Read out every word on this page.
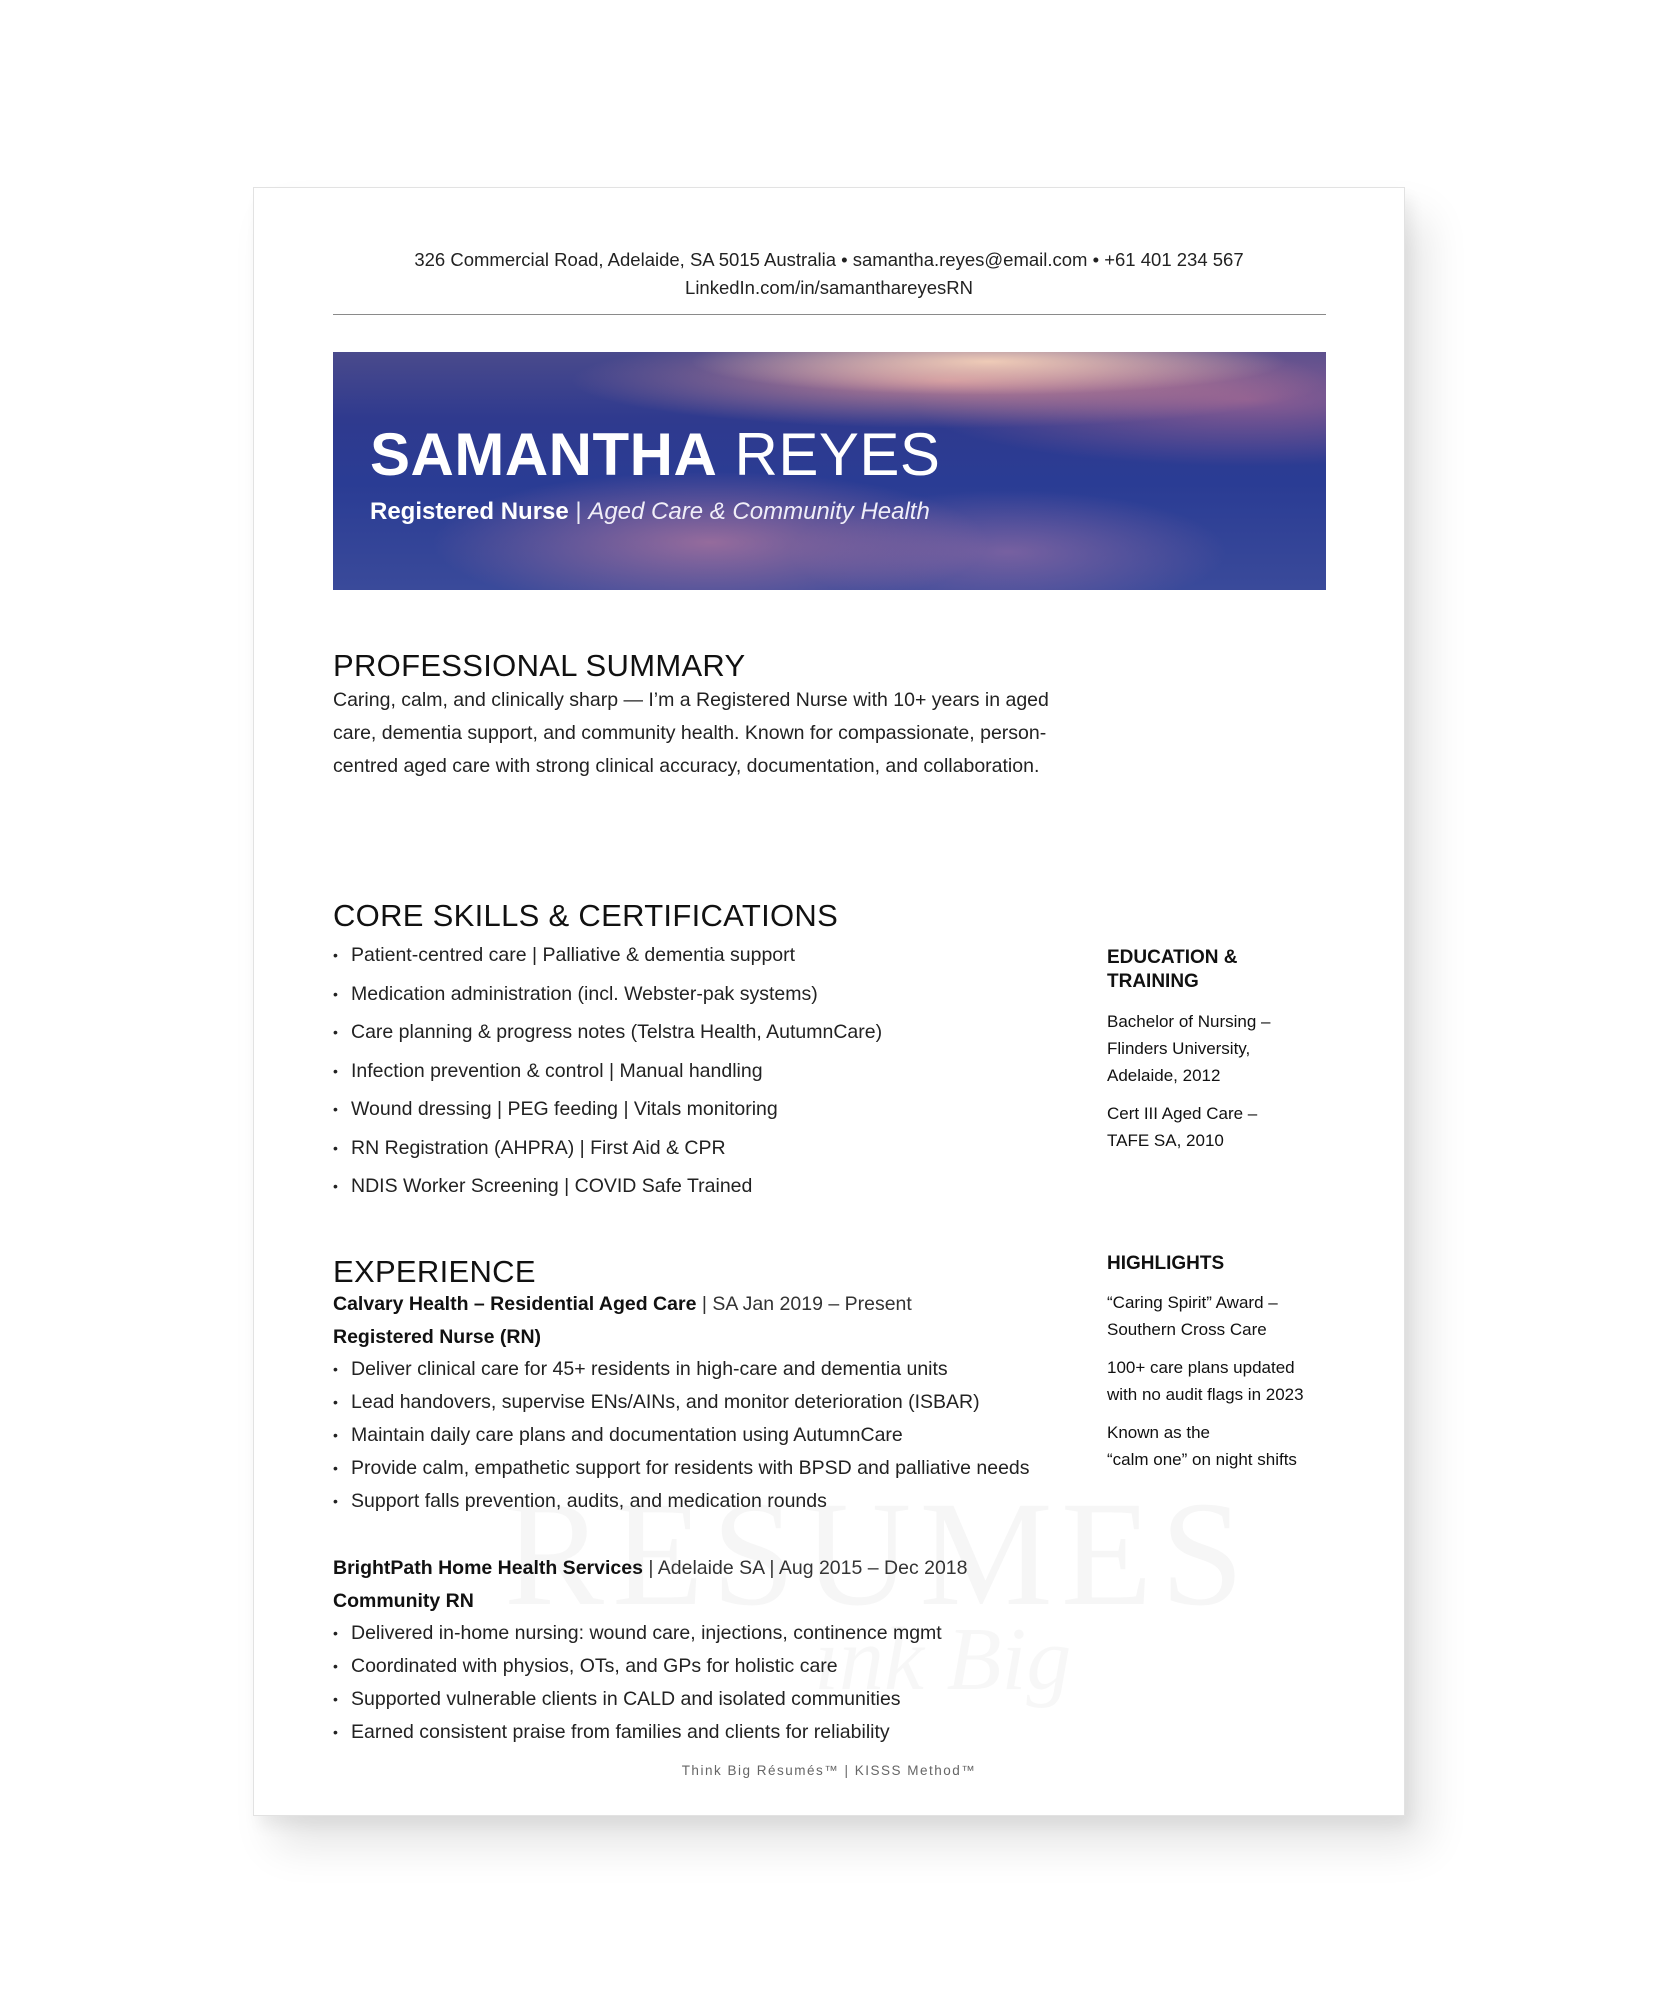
326 Commercial Road, Adelaide, SA 5015 Australia • samantha.reyes@email.com • +61 401 234 567
LinkedIn.com/in/samanthareyesRN
SAMANTHA REYES
Registered Nurse | Aged Care & Community Health
PROFESSIONAL SUMMARY

Caring, calm, and clinically sharp — I’m a Registered Nurse with 10+ years in aged care, dementia support, and community health. Known for compassionate, person-centred aged care with strong clinical accuracy, documentation, and collaboration.

CORE SKILLS & CERTIFICATIONS
• Patient-centred care | Palliative & dementia support
• Medication administration (incl. Webster-pak systems)
• Care planning & progress notes (Telstra Health, AutumnCare)
• Infection prevention & control | Manual handling
• Wound dressing | PEG feeding | Vitals monitoring
• RN Registration (AHPRA) | First Aid & CPR
• NDIS Worker Screening | COVID Safe Trained
EXPERIENCE
Calvary Health – Residential Aged Care | SA Jan 2019 – Present
Registered Nurse (RN)
• Deliver clinical care for 45+ residents in high-care and dementia units
• Lead handovers, supervise ENs/AINs, and monitor deterioration (ISBAR)
• Maintain daily care plans and documentation using AutumnCare
• Provide calm, empathetic support for residents with BPSD and palliative needs
• Support falls prevention, audits, and medication rounds
BrightPath Home Health Services | Adelaide SA | Aug 2015 – Dec 2018
Community RN
• Delivered in-home nursing: wound care, injections, continence mgmt
• Coordinated with physios, OTs, and GPs for holistic care
• Supported vulnerable clients in CALD and isolated communities
• Earned consistent praise from families and clients for reliability
EDUCATION &
TRAINING

Bachelor of Nursing –
Flinders University,
Adelaide, 2012

Cert III Aged Care –
TAFE SA, 2010

HIGHLIGHTS

“Caring Spirit” Award –
Southern Cross Care

100+ care plans updated
with no audit flags in 2023

Known as the
“calm one” on night shifts

Think Big Résumés™ | KISSS Method™
